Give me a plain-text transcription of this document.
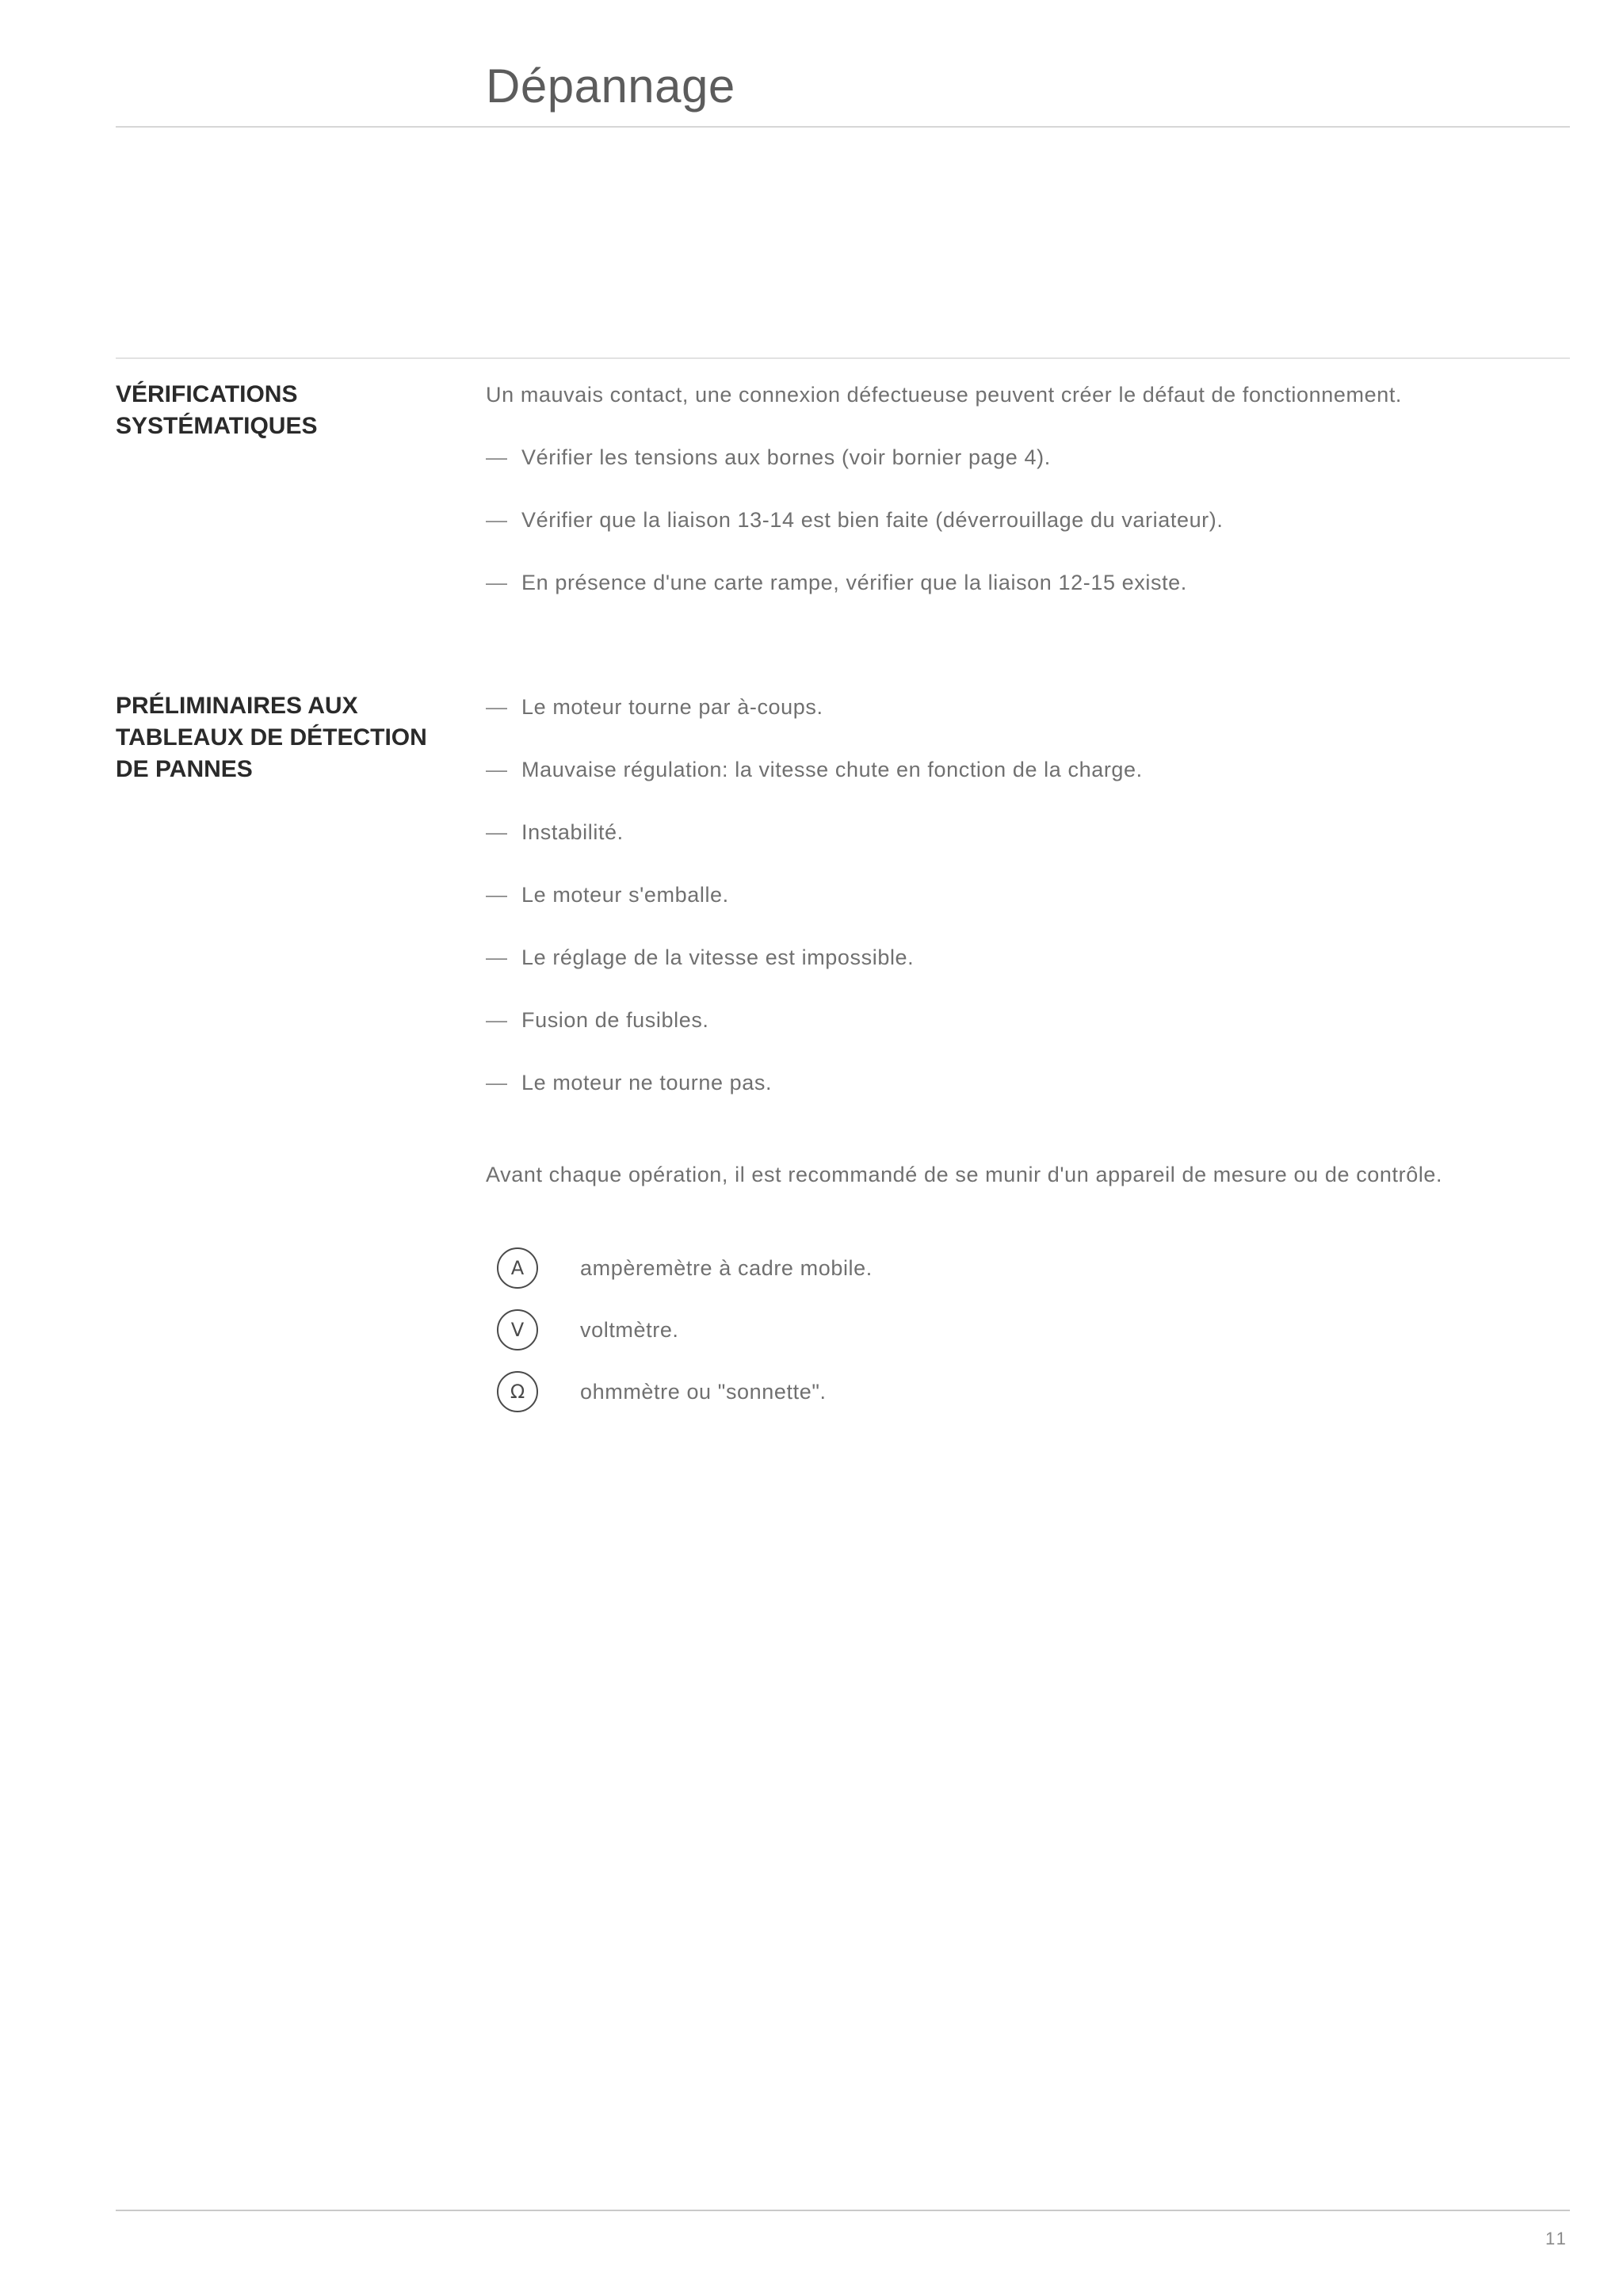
Dépannage
VÉRIFICATIONS
SYSTÉMATIQUES
Un mauvais contact, une connexion défectueuse peuvent créer le défaut de fonctionnement.
— Vérifier les tensions aux bornes (voir bornier page 4).
— Vérifier que la liaison 13-14 est bien faite (déverrouillage du variateur).
— En présence d'une carte rampe, vérifier que la liaison 12-15 existe.
PRÉLIMINAIRES AUX
TABLEAUX DE DÉTECTION
DE PANNES
— Le moteur tourne par à-coups.
— Mauvaise régulation: la vitesse chute en fonction de la charge.
— Instabilité.
— Le moteur s'emballe.
— Le réglage de la vitesse est impossible.
— Fusion de fusibles.
— Le moteur ne tourne pas.

Avant chaque opération, il est recommandé de se munir d'un appareil de mesure ou de contrôle.

A	ampèremètre à cadre mobile.
V	voltmètre.
Ω	ohmmètre ou "sonnette".
11
